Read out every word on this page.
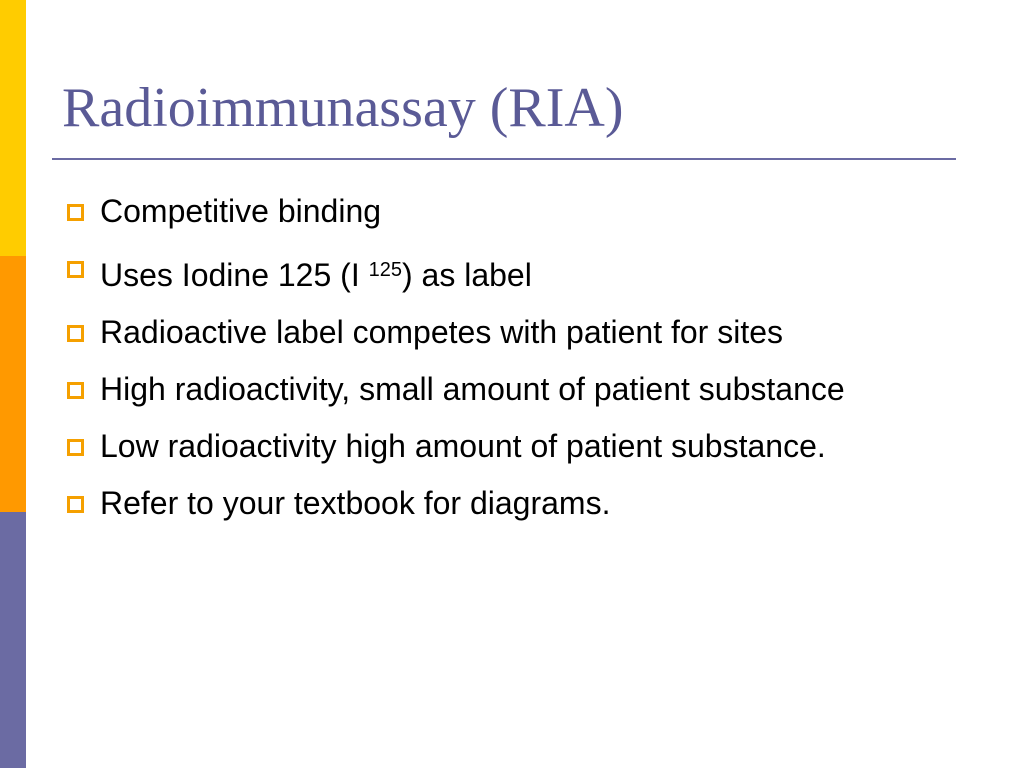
Radioimmunassay (RIA)
Competitive binding
Uses Iodine 125 (I $^{125}$) as label
Radioactive label competes with patient for sites
High radioactivity, small amount of patient substance
Low radioactivity high amount of patient substance.
Refer to your textbook for diagrams.
